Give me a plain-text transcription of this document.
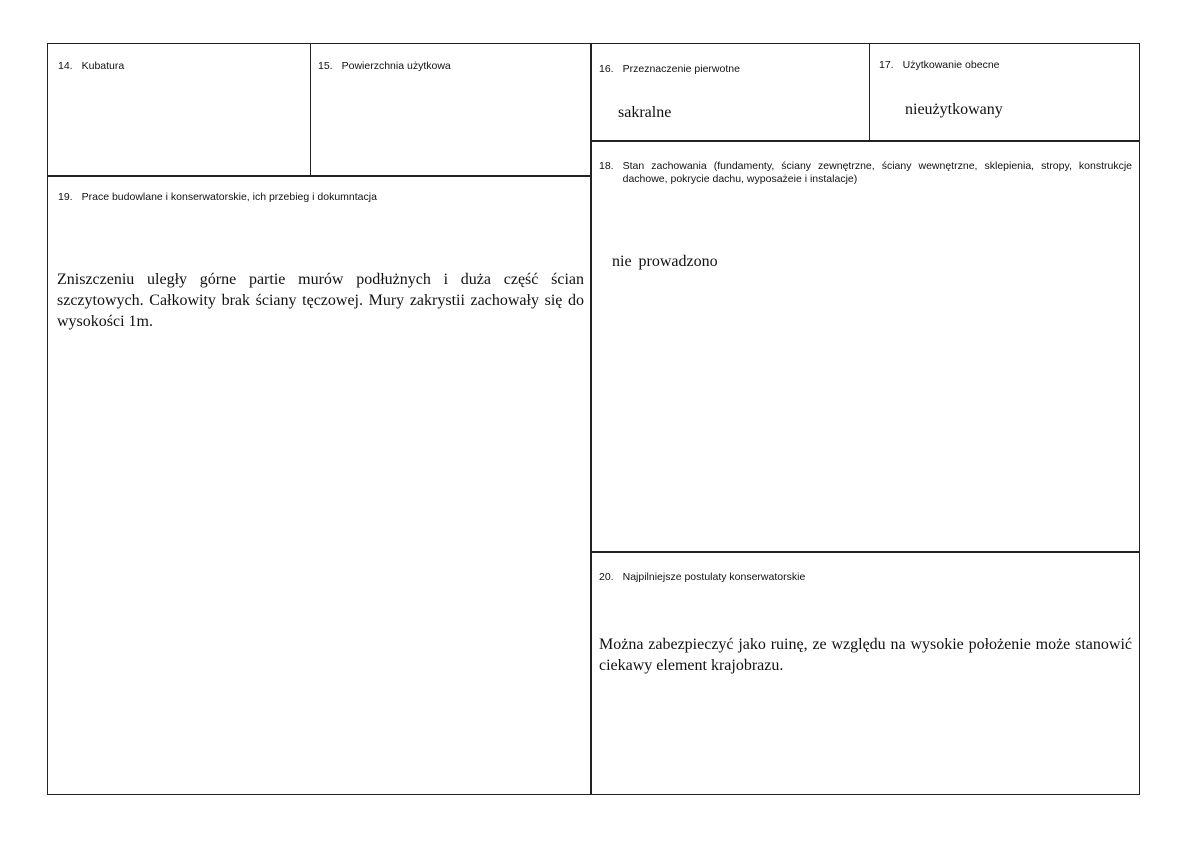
14. Kubatura	15. Powierzchnia użytkowa	16. Przeznaczenie pierwotne
sakralne
17. Użytkowanie obecne
nieużytkowany
18. Stan zachowania (fundamenty, ściany zewnętrzne, ściany wewnętrzne, sklepienia, stropy, konstrukcje dachowe, pokrycie dachu, wyposażeie i instalacje)
nie prowadzono
19. Prace budowlane i konserwatorskie, ich przebieg i dokumntacja
Zniszczeniu uległy górne partie murów podłużnych i duża część ścian szczytowych. Całkowity brak ściany tęczowej. Mury zakrystii zachowały się do wysokości 1m.
20. Najpilniejsze postulaty konserwatorskie
Można zabezpieczyć jako ruinę, ze względu na wysokie położenie może stanowić ciekawy element krajobrazu.
